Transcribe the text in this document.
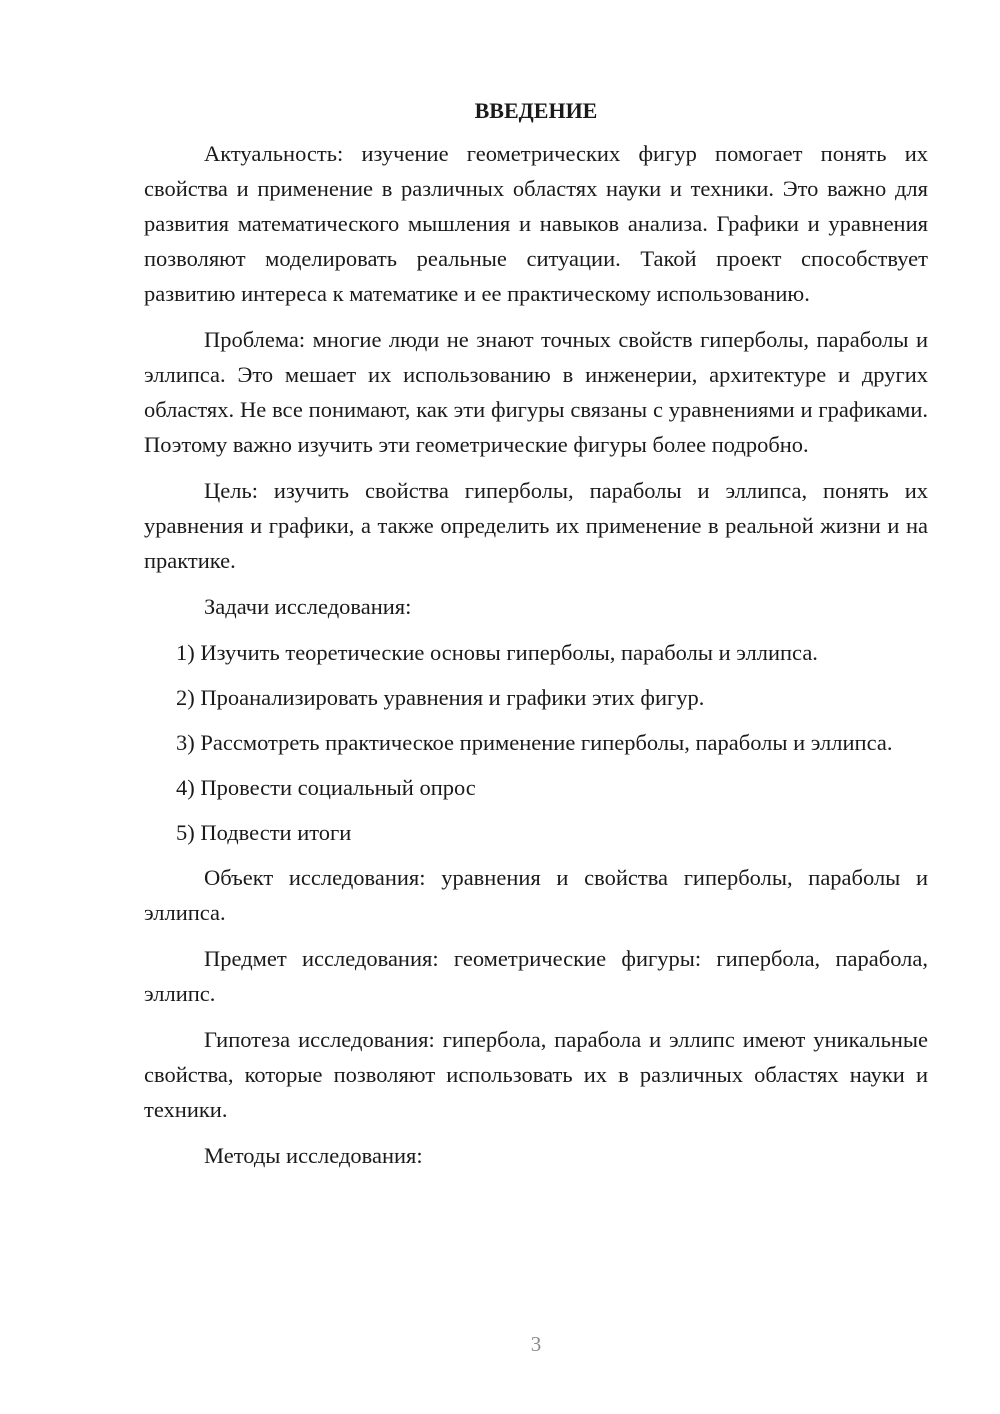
ВВЕДЕНИЕ

Актуальность: изучение геометрических фигур помогает понять их свойства и применение в различных областях науки и техники. Это важно для развития математического мышления и навыков анализа. Графики и уравнения позволяют моделировать реальные ситуации. Такой проект способствует развитию интереса к математике и ее практическому использованию.

Проблема: многие люди не знают точных свойств гиперболы, параболы и эллипса. Это мешает их использованию в инженерии, архитектуре и других областях. Не все понимают, как эти фигуры связаны с уравнениями и графиками. Поэтому важно изучить эти геометрические фигуры более подробно.

Цель: изучить свойства гиперболы, параболы и эллипса, понять их уравнения и графики, а также определить их применение в реальной жизни и на практике.

Задачи исследования:

1) Изучить теоретические основы гиперболы, параболы и эллипса.

2) Проанализировать уравнения и графики этих фигур.

3) Рассмотреть практическое применение гиперболы, параболы и эллипса.

4) Провести социальный опрос

5) Подвести итоги

Объект исследования: уравнения и свойства гиперболы, параболы и эллипса.

Предмет исследования: геометрические фигуры: гипербола, парабола, эллипс.

Гипотеза исследования: гипербола, парабола и эллипс имеют уникальные свойства, которые позволяют использовать их в различных областях науки и техники.

Методы исследования:

3
